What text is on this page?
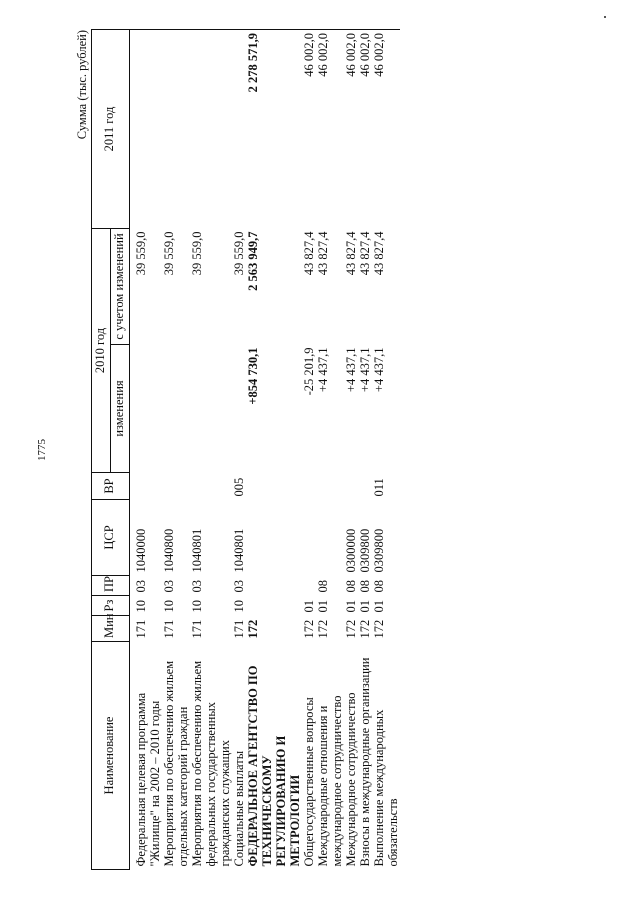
1775
Сумма (тыс. рублей)
Наименование	Мин	Рз	ПР	ЦСР	ВР	2010 год		2011 год
						изменения	с учетом изменений	
Федеральная целевая программа "Жилище" на 2002 – 2010 годы	171	10	03	1040000			39 559,0	
Мероприятия по обеспечению жильем отдельных категорий граждан	171	10	03	1040800			39 559,0	
Мероприятия по обеспечению жильем федеральных государственных гражданских служащих	171	10	03	1040801			39 559,0	
Социальные выплаты	171	10	03	1040801	005		39 559,0	
ФЕДЕРАЛЬНОЕ АГЕНТСТВО ПО ТЕХНИЧЕСКОМУ РЕГУЛИРОВАНИЮ И МЕТРОЛОГИИ	172					+854 730,1	2 563 949,7	2 278 571,9
Общегосударственные вопросы	172	01				-25 201,9	43 827,4	46 002,0
Международные отношения и международное сотрудничество	172	01	08			+4 437,1	43 827,4	46 002,0
Международное сотрудничество	172	01	08	0300000		+4 437,1	43 827,4	46 002,0
Взносы в международные организации	172	01	08	0309800		+4 437,1	43 827,4	46 002,0
Выполнение международных обязательств	172	01	08	0309800	011	+4 437,1	43 827,4	46 002,0
